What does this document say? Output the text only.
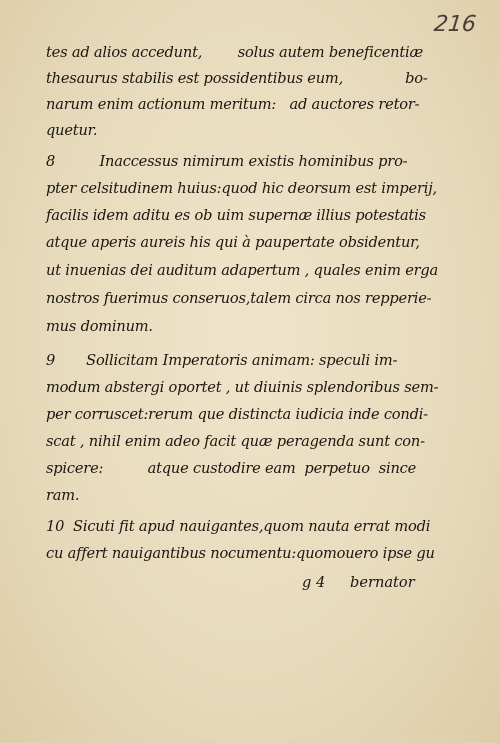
216
tes ad alios accedunt,        solus autem beneficentiæ
thesaurus stabilis est possidentibus eum,              bo-
narum enim actionum meritum:   ad auctores retor-
quetur.
8          Inaccessus nimirum existis hominibus pro-
pter celsitudinem huius:quod hic deorsum est imperij,
facilis idem aditu es ob uim supernæ illius potestatis
atque aperis aureis his qui à paupertate obsidentur,
ut inuenias dei auditum adapertum , quales enim erga
nostros fuerimus conseruos,talem circa nos repperie-
mus dominum.
9       Sollicitam Imperatoris animam: speculi im-
modum abstergi oportet , ut diuinis splendoribus sem-
per corruscet:rerum que distincta iudicia inde condi-
scat , nihil enim adeo facit quæ peragenda sunt con-
spicere:          atque custodire eam  perpetuo  since
ram.
10  Sicuti fit apud nauigantes,quom nauta errat modi
cu affert nauigantibus nocumentu:quomouero ipse gu
g 4 bernator
